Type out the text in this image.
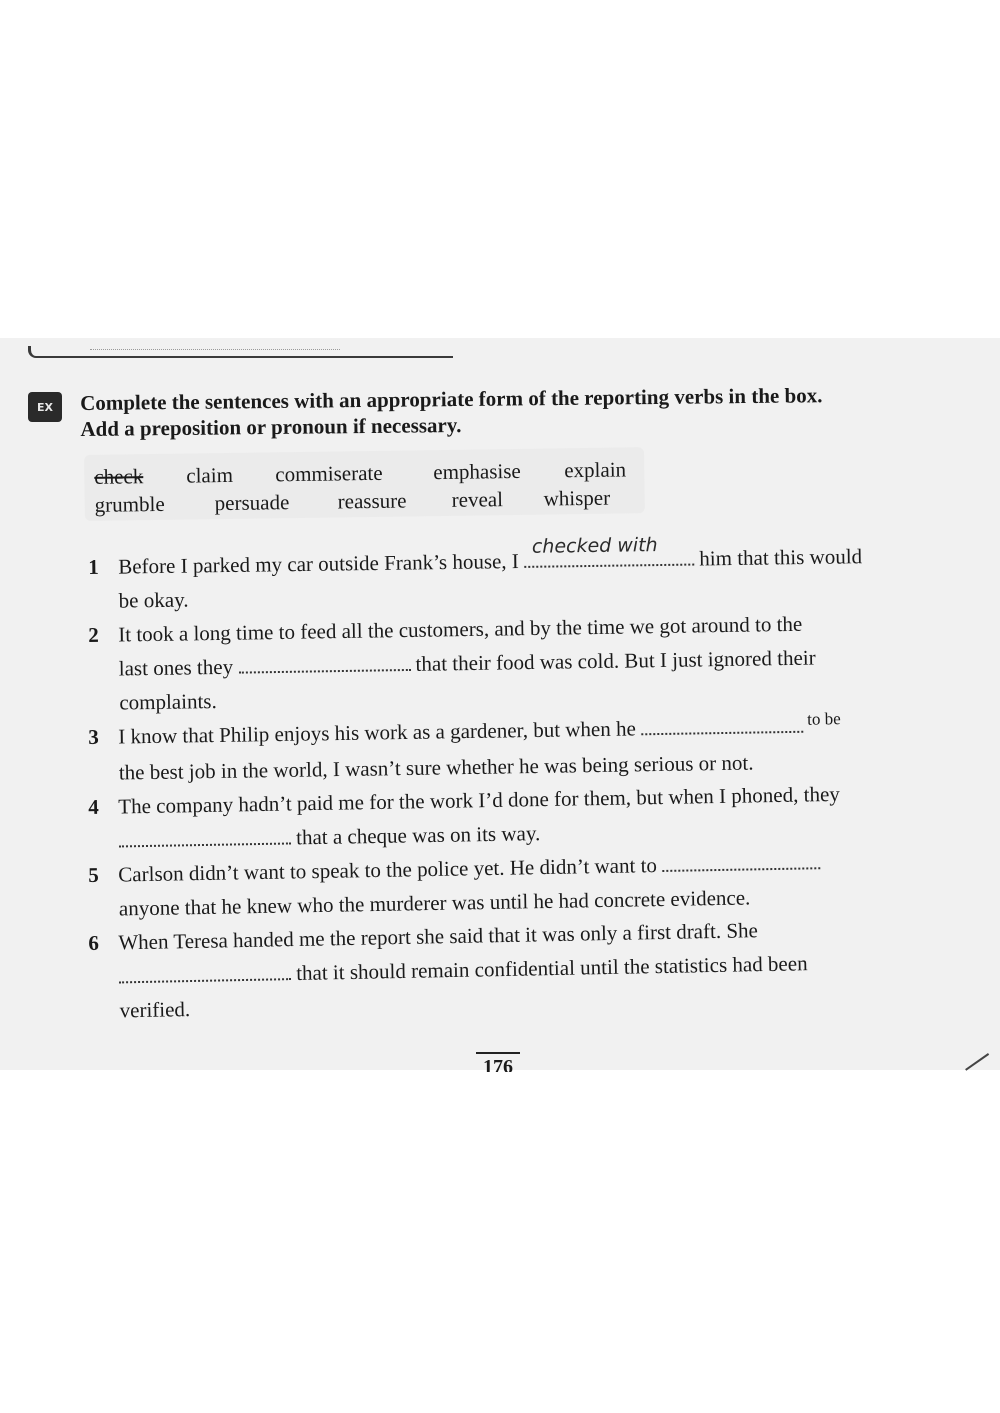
EX	Complete the sentences with an appropriate form of the reporting verbs in the box.
Add a preposition or pronoun if necessary.
check claim commiserate emphasise explain
grumble persuade reassure reveal whisper
1 Before I parked my car outside Frank’s house, I
checked with him that this would
be okay.
2 It took a long time to feed all the customers, and by the time we got around to the
last ones they	that their food was cold. But I just ignored their
complaints.
3 I know that Philip enjoys his work as a gardener, but when he	$^{to be}$
the best job in the world, I wasn’t sure whether he was being serious or not.
4 The company hadn’t paid me for the work I’d done for them, but when I phoned, they
that a cheque was on its way.
5 Carlson didn’t want to speak to the police yet. He didn’t want to
anyone that he knew who the murderer was until he had concrete evidence.
6 When Teresa handed me the report she said that it was only a first draft. She
that it should remain confidential until the statistics had been
verified.
176
